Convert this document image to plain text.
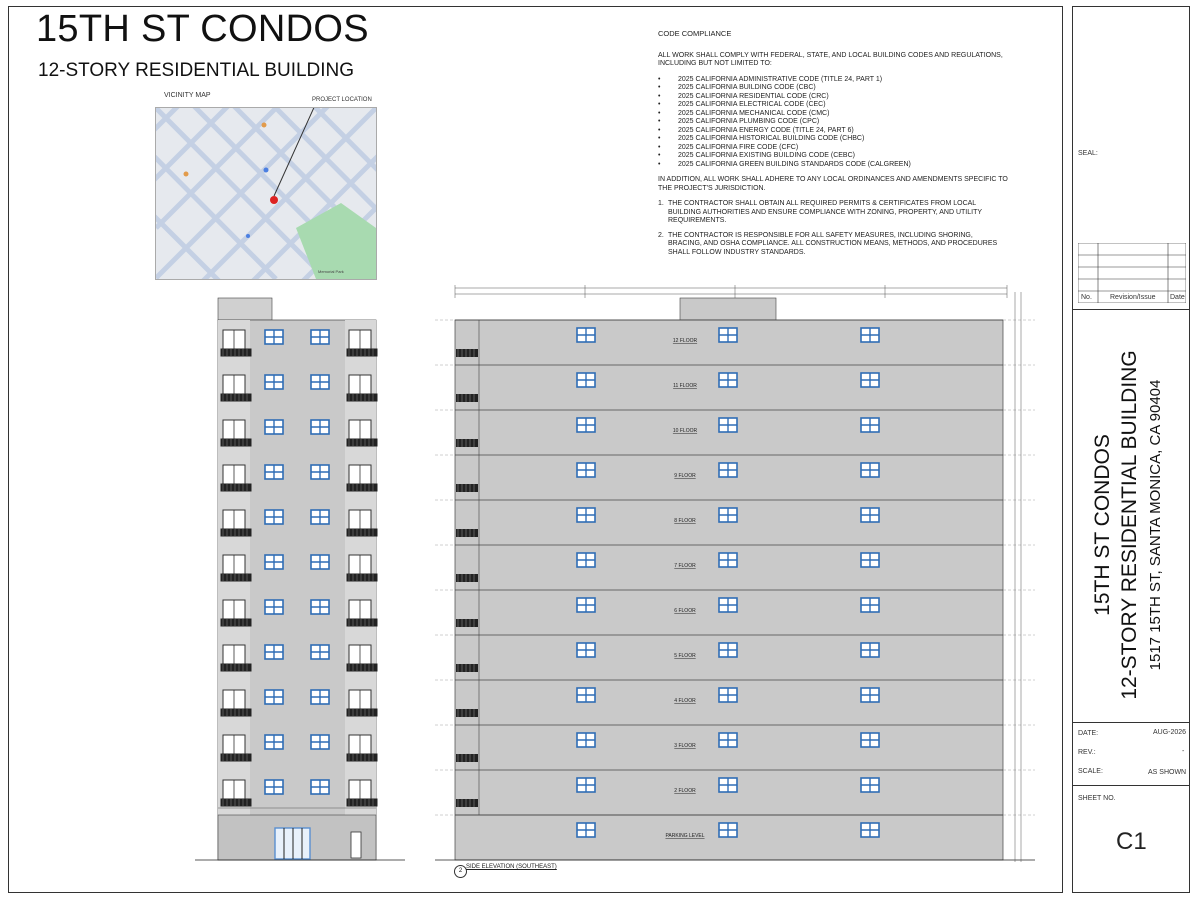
15TH ST CONDOS
12-STORY RESIDENTIAL BUILDING
VICINITY MAP
PROJECT LOCATION
Memorial Park

CODE COMPLIANCE

ALL WORK SHALL COMPLY WITH FEDERAL, STATE, AND LOCAL BUILDING CODES AND REGULATIONS, INCLUDING BUT NOT LIMITED TO:

• 2025 CALIFORNIA ADMINISTRATIVE CODE (TITLE 24, PART 1)
• 2025 CALIFORNIA BUILDING CODE (CBC)
• 2025 CALIFORNIA RESIDENTIAL CODE (CRC)
• 2025 CALIFORNIA ELECTRICAL CODE (CEC)
• 2025 CALIFORNIA MECHANICAL CODE (CMC)
• 2025 CALIFORNIA PLUMBING CODE (CPC)
• 2025 CALIFORNIA ENERGY CODE (TITLE 24, PART 6)
• 2025 CALIFORNIA HISTORICAL BUILDING CODE (CHBC)
• 2025 CALIFORNIA FIRE CODE (CFC)
• 2025 CALIFORNIA EXISTING BUILDING CODE (CEBC)
• 2025 CALIFORNIA GREEN BUILDING STANDARDS CODE (CALGREEN)

IN ADDITION, ALL WORK SHALL ADHERE TO ANY LOCAL ORDINANCES AND AMENDMENTS SPECIFIC TO THE PROJECT'S JURISDICTION.

1. THE CONTRACTOR SHALL OBTAIN ALL REQUIRED PERMITS & CERTIFICATES FROM LOCAL BUILDING AUTHORITIES AND ENSURE COMPLIANCE WITH ZONING, PROPERTY, AND UTILITY REQUIREMENTS.
2. THE CONTRACTOR IS RESPONSIBLE FOR ALL SAFETY MEASURES, INCLUDING SHORING, BRACING, AND OSHA COMPLIANCE. ALL CONSTRUCTION MEANS, METHODS, AND PROCEDURES SHALL FOLLOW INDUSTRY STANDARDS.
12 FLOOR
11 FLOOR
10 FLOOR
9 FLOOR
8 FLOOR
7 FLOOR
6 FLOOR
5 FLOOR
4 FLOOR
3 FLOOR
2 FLOOR
PARKING LEVEL
2
SIDE ELEVATION (SOUTHEAST)
SEAL:
No.	Revision/Issue Date
15TH ST CONDOS 12-STORY RESIDENTIAL BUILDING 1517 15TH ST, SANTA MONICA, CA 90404
DATE:	AUG-2026
REV.:	-
SCALE:	AS SHOWN
SHEET NO.
C1
